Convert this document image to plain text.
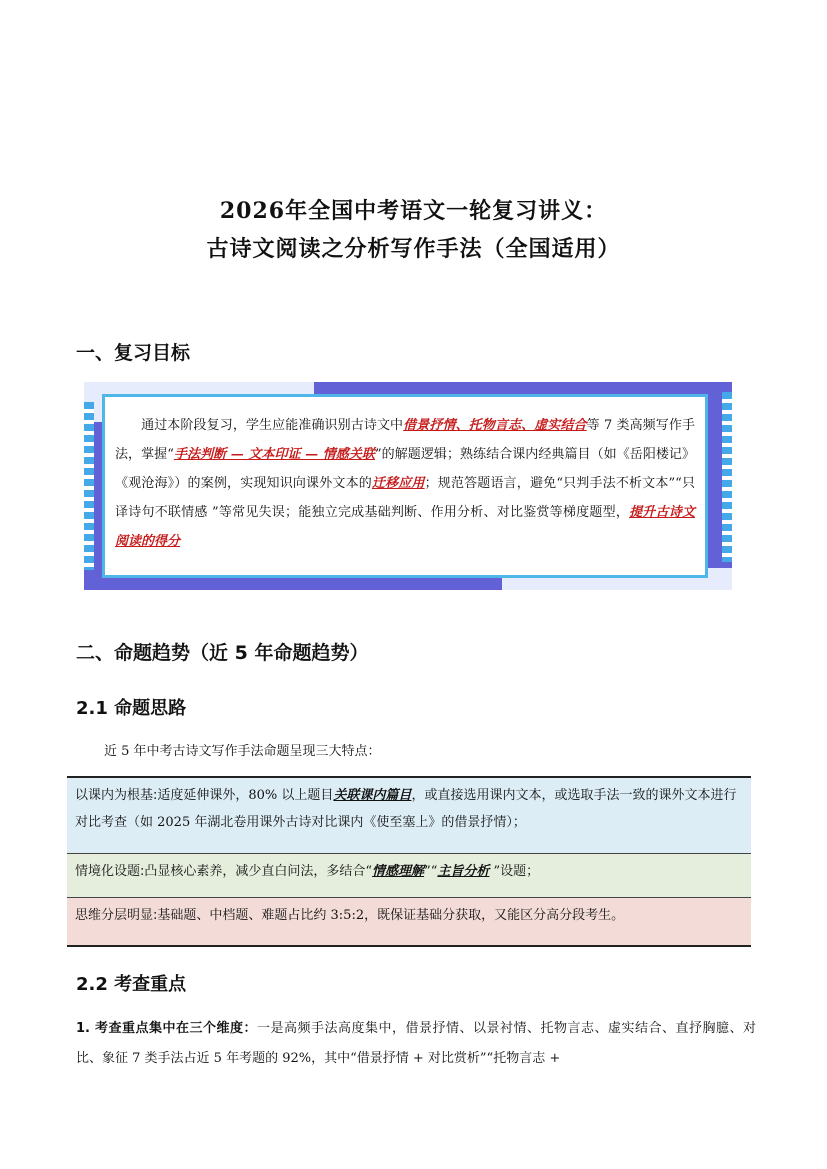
2026年全国中考语文一轮复习讲义：
古诗文阅读之分析写作手法（全国适用）
一、复习目标
通过本阶段复习，学生应能准确识别古诗文中借景抒情、托物言志、虚实结合等 7 类高频写作手法，掌握“手法判断 — 文本印证 — 情感关联”的解题逻辑；熟练结合课内经典篇目（如《岳阳楼记》《观沧海》）的案例，实现知识向课外文本的迁移应用；规范答题语言，避免“只判手法不析文本”“只译诗句不联情感 ”等常见失误；能独立完成基础判断、作用分析、对比鉴赏等梯度题型，提升古诗文阅读的得分
二、命题趋势（近 5 年命题趋势）
2.1 命题思路
近 5 年中考古诗文写作手法命题呈现三大特点：
以课内为根基:适度延伸课外，80% 以上题目关联课内篇目，或直接选用课内文本，或选取手法一致的课外文本进行对比考查（如 2025 年湖北卷用课外古诗对比课内《使至塞上》的借景抒情）；
情境化设题:凸显核心素养，减少直白问法，多结合“情感理解”“主旨分析 ”设题；
思维分层明显:基础题、中档题、难题占比约 3:5:2，既保证基础分获取，又能区分高分段考生。
2.2 考查重点
1. 考查重点集中在三个维度：一是高频手法高度集中，借景抒情、以景衬情、托物言志、虚实结合、直抒胸臆、对比、象征 7 类手法占近 5 年考题的 92%，其中“借景抒情 + 对比赏析”“托物言志 +
